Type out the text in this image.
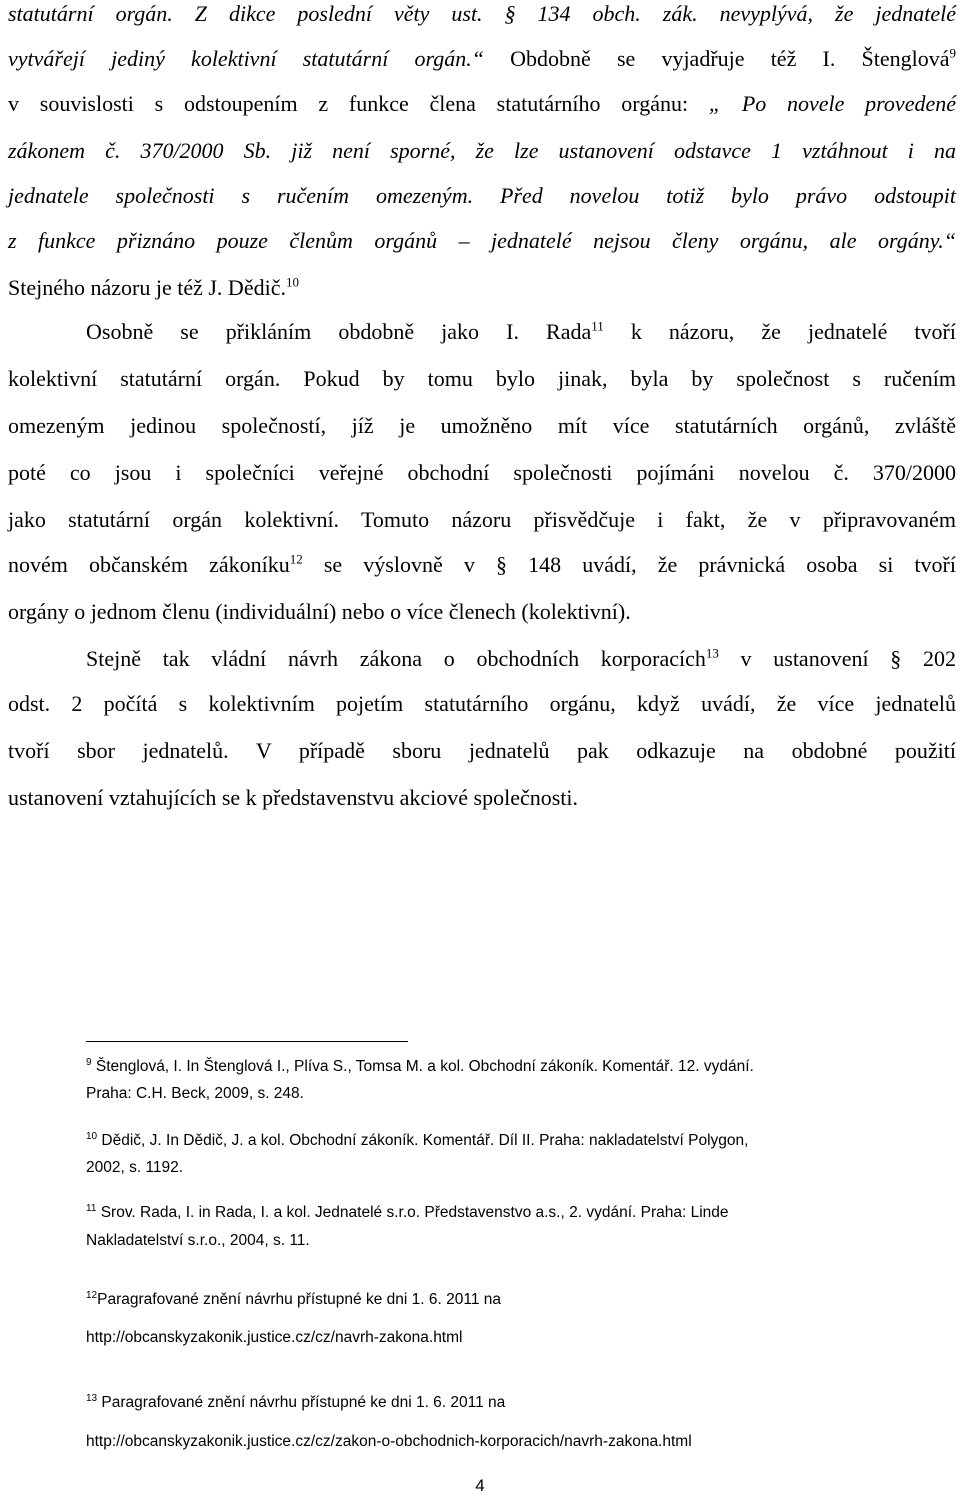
statutární orgán. Z dikce poslední věty ust. § 134 obch. zák. nevyplývá, že jednatelé
vytvářejí jediný kolektivní statutární orgán.“ Obdobně se vyjadřuje též I. Štenglová$^9$
v souvislosti s odstoupením z funkce člena statutárního orgánu: „ Po novele provedené
zákonem č. 370/2000 Sb. již není sporné, že lze ustanovení odstavce 1 vztáhnout i na
jednatele společnosti s ručením omezeným. Před novelou totiž bylo právo odstoupit
z funkce přiznáno pouze členům orgánů – jednatelé nejsou členy orgánu, ale orgány.“
Stejného názoru je též J. Dědič.$^{10}$
Osobně se přikláním obdobně jako I. Rada$^{11}$ k názoru, že jednatelé tvoří
kolektivní statutární orgán. Pokud by tomu bylo jinak, byla by společnost s ručením
omezeným jedinou společností, jíž je umožněno mít více statutárních orgánů, zvláště
poté co jsou i společníci veřejné obchodní společnosti pojímáni novelou č. 370/2000
jako statutární orgán kolektivní. Tomuto názoru přisvědčuje i fakt, že v připravovaném
novém občanském zákoníku$^{12}$ se výslovně v § 148 uvádí, že právnická osoba si tvoří
orgány o jednom členu (individuální) nebo o více členech (kolektivní).
Stejně tak vládní návrh zákona o obchodních korporacích$^{13}$ v ustanovení § 202
odst. 2 počítá s kolektivním pojetím statutárního orgánu, když uvádí, že více jednatelů
tvoří sbor jednatelů. V případě sboru jednatelů pak odkazuje na obdobné použití
ustanovení vztahujících se k představenstvu akciové společnosti.
$^9$ Štenglová, I. In Štenglová I., Plíva S., Tomsa M. a kol. Obchodní zákoník. Komentář. 12. vydání.
Praha: C.H. Beck, 2009, s. 248.
$^{10}$ Dědič, J. In Dědič, J. a kol. Obchodní zákoník. Komentář. Díl II. Praha: nakladatelství Polygon,
2002, s. 1192.
$^{11}$ Srov. Rada, I. in Rada, I. a kol. Jednatelé s.r.o. Představenstvo a.s., 2. vydání. Praha: Linde
Nakladatelství s.r.o., 2004, s. 11.
$^{12}$Paragrafované znění návrhu přístupné ke dni 1. 6. 2011 na
http://obcanskyzakonik.justice.cz/cz/navrh-zakona.html
$^{13}$ Paragrafované znění návrhu přístupné ke dni 1. 6. 2011 na
http://obcanskyzakonik.justice.cz/cz/zakon-o-obchodnich-korporacich/navrh-zakona.html
4
